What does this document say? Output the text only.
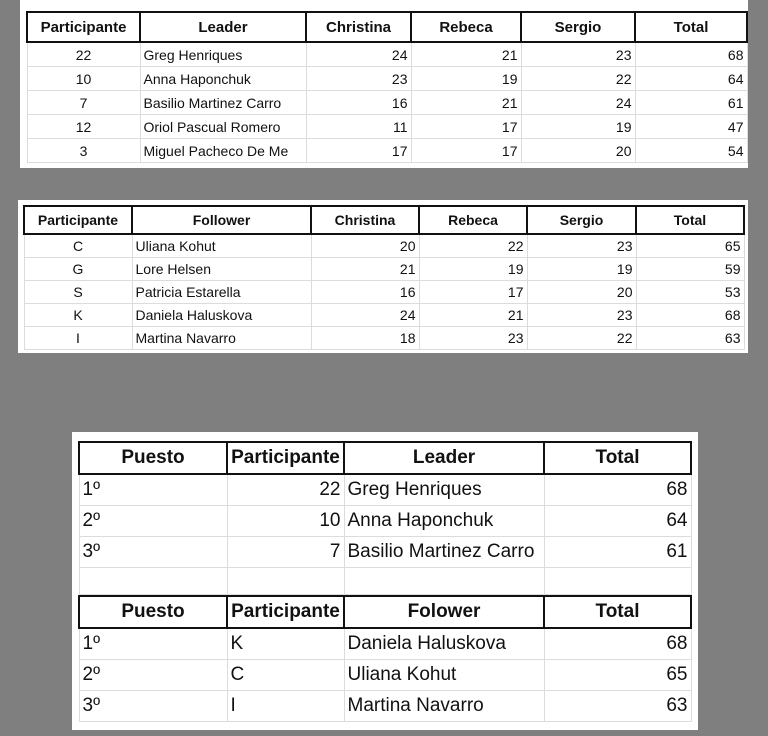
Participante	Leader	Christina	Rebeca	Sergio	Total
22	Greg Henriques	24	21	23	68
10	Anna Haponchuk	23	19	22	64
7	Basilio Martinez Carro	16	21	24	61
12	Oriol Pascual Romero	11	17	19	47
3	Miguel Pacheco De Me	17	17	20	54
Participante	Follower	Christina	Rebeca	Sergio	Total
C	Uliana Kohut	20	22	23	65
G	Lore Helsen	21	19	19	59
S	Patricia Estarella	16	17	20	53
K	Daniela Haluskova	24	21	23	68
I	Martina Navarro	18	23	22	63
Puesto	Participante	Leader	Total
1º	22	Greg Henriques	68
2º	10	Anna Haponchuk	64
3º	7	Basilio Martinez Carro	61

Puesto	Participante	Folower	Total
1º	K	Daniela Haluskova	68
2º	C	Uliana Kohut	65
3º	I	Martina Navarro	63
